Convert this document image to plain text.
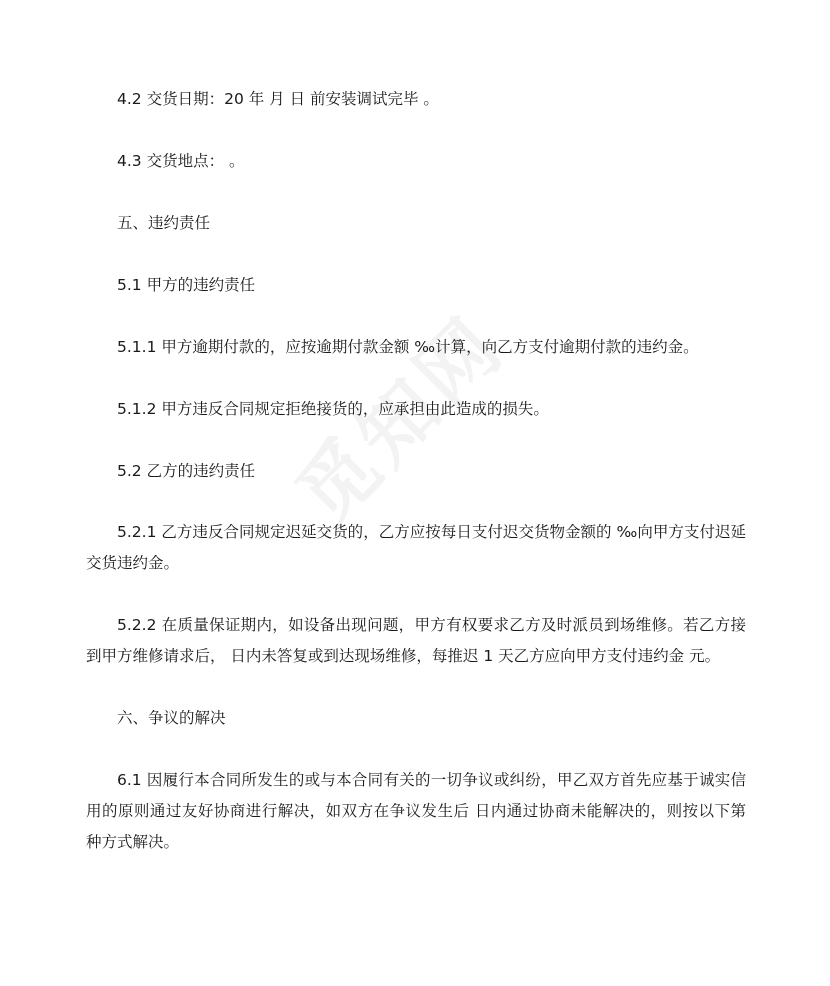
4.2 交货日期：20 年 月 日 前安装调试完毕 。

4.3 交货地点： 。

五、违约责任

5.1 甲方的违约责任

5.1.1 甲方逾期付款的，应按逾期付款金额 ‰计算，向乙方支付逾期付款的违约金。

5.1.2 甲方违反合同规定拒绝接货的，应承担由此造成的损失。

5.2 乙方的违约责任

5.2.1 乙方违反合同规定迟延交货的，乙方应按每日支付迟交货物金额的 ‰向甲方支付迟延交货违约金。

5.2.2 在质量保证期内，如设备出现问题，甲方有权要求乙方及时派员到场维修。若乙方接到甲方维修请求后， 日内未答复或到达现场维修，每推迟 1 天乙方应向甲方支付违约金 元。

六、争议的解决

6.1 因履行本合同所发生的或与本合同有关的一切争议或纠纷，甲乙双方首先应基于诚实信用的原则通过友好协商进行解决，如双方在争议发生后 日内通过协商未能解决的，则按以下第 种方式解决。
